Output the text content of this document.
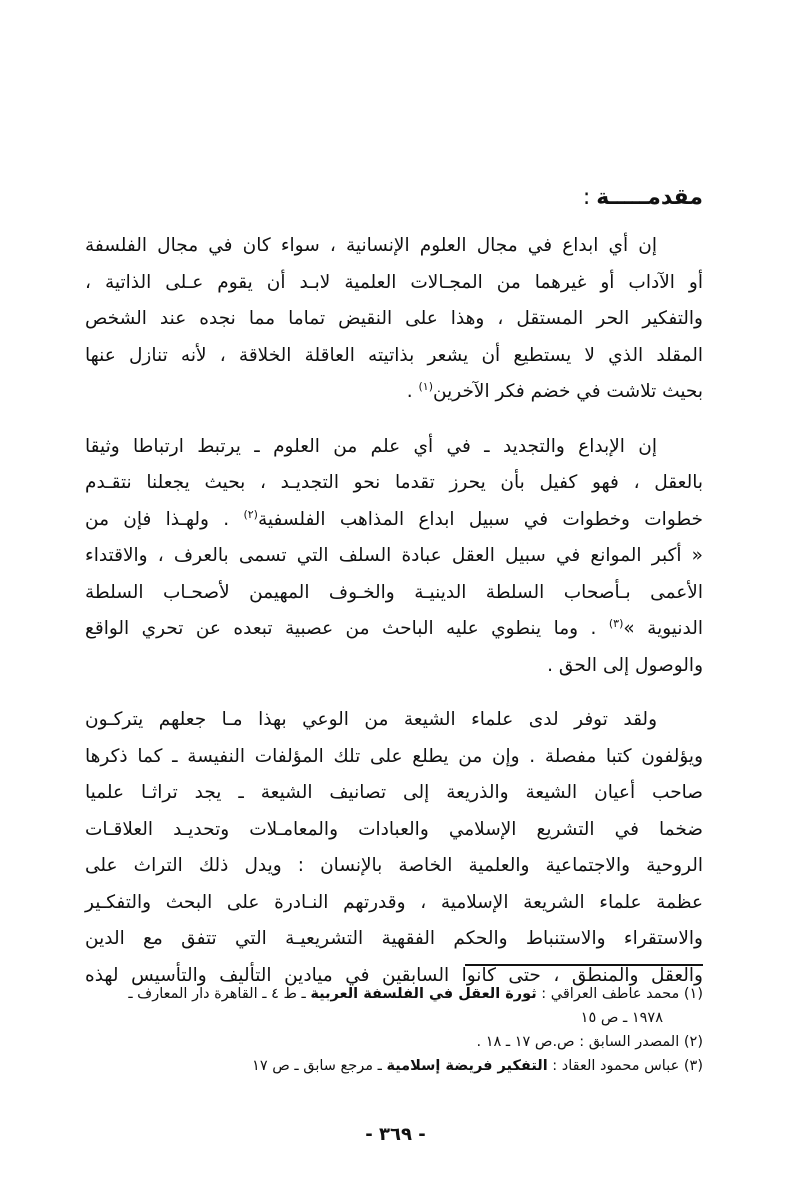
مقدمـــــة:
إن أي ابداع في مجال العلوم الإنسانية ، سواء كان في مجال الفلسفة
أو الآداب أو غيرهما من المجـالات العلمية لابـد أن يقوم عـلى الذاتية ،
والتفكير الحر المستقل ، وهذا على النقيض تماما مما نجده عند الشخص
المقلد الذي لا يستطيع أن يشعر بذاتيته العاقلة الخلاقة ، لأنه تنازل عنها
بحيث تلاشت في خضم فكر الآخرين$^{(١)}$ .
إن الإبداع والتجديد ـ في أي علم من العلوم ـ يرتبط ارتباطا وثيقا
بالعقل ، فهو كفيل بأن يحرز تقدما نحو التجديـد ، بحيث يجعلنا نتقـدم
خطوات وخطوات في سبيل ابداع المذاهب الفلسفية$^{(٢)}$ . ولهـذا فإن من
« أكبر الموانع في سبيل العقل عبادة السلف التي تسمى بالعرف ، والاقتداء
الأعمى بـأصحاب السلطة الدينيـة والخـوف المهيمن لأصحـاب السلطة
الدنيوية »$^{(٣)}$ . وما ينطوي عليه الباحث من عصبية تبعده عن تحري الواقع
والوصول إلى الحق .
ولقد توفر لدى علماء الشيعة من الوعي بهذا مـا جعلهم يتركـون
ويؤلفون كتبا مفصلة . وإن من يطلع على تلك المؤلفات النفيسة ـ كما ذكرها
صاحب أعيان الشيعة والذريعة إلى تصانيف الشيعة ـ يجد تراثـا علميا
ضخما في التشريع الإسلامي والعبادات والمعامـلات وتحديـد العلاقـات
الروحية والاجتماعية والعلمية الخاصة بالإنسان : ويدل ذلك التراث على
عظمة علماء الشريعة الإسلامية ، وقدرتهم النـادرة على البحث والتفكـير
والاستقراء والاستنباط والحكم الفقهية التشريعيـة التي تتفق مع الدين
والعقل والمنطق ، حتى كانوا السابقين في ميادين التأليف والتأسيس لهذه
(١) محمد عاطف العراقي : ثورة العقل في الفلسفة العربية ـ ط ٤ ـ القاهرة دار المعارف ـ
١٩٧٨ ـ ص ١٥
(٢) المصدر السابق : ص.ص ١٧ ـ ١٨ .
(٣) عباس محمود العقاد : التفكير فريضة إسلامية ـ مرجع سابق ـ ص ١٧
- ٣٦٩ -
